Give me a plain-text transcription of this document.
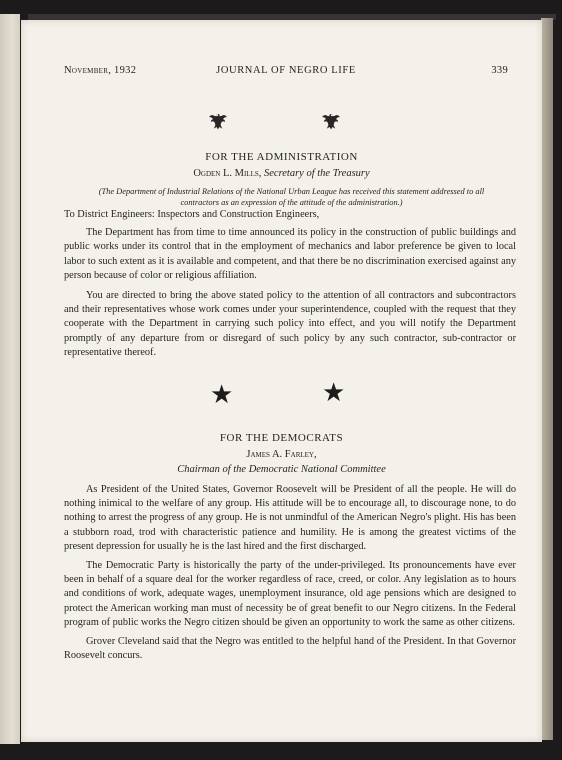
November, 1932	JOURNAL OF NEGRO LIFE	339
FOR THE ADMINISTRATION
Ogden L. Mills, Secretary of the Treasury
(The Department of Industrial Relations of the National Urban League has received this statement addressed to all contractors as an expression of the attitude of the administration.)

To District Engineers: Inspectors and Construction Engineers,

The Department has from time to time announced its policy in the construction of public buildings and public works under its control that in the employment of mechanics and labor preference be given to local labor to such extent as it is available and competent, and that there be no discrimination exercised against any person because of color or religious affiliation.

You are directed to bring the above stated policy to the attention of all contractors and subcontractors and their representatives whose work comes under your superintendence, coupled with the request that they cooperate with the Department in carrying such policy into effect, and you will notify the Department promptly of any departure from or disregard of such policy by any such contractor, sub-contractor or representative thereof.

★	★
FOR THE DEMOCRATS
James A. Farley,
Chairman of the Democratic National Committee

As President of the United States, Governor Roosevelt will be President of all the people. He will do nothing inimical to the welfare of any group. His attitude will be to encourage all, to discourage none, to do nothing to arrest the progress of any group. He is not unmindful of the American Negro's plight. His has been a stubborn road, trod with characteristic patience and humility. He is among the greatest victims of the present depression for usually he is the last hired and the first discharged.

The Democratic Party is historically the party of the under-privileged. Its pronouncements have ever been in behalf of a square deal for the worker regardless of race, creed, or color. Any legislation as to hours and conditions of work, adequate wages, unemployment insurance, old age pensions which are designed to protect the American working man must of necessity be of great benefit to our Negro citizens. In the Federal program of public works the Negro citizen should be given an opportunity to work the same as other citizens.

Grover Cleveland said that the Negro was entitled to the helpful hand of the President. In that Governor Roosevelt concurs.
